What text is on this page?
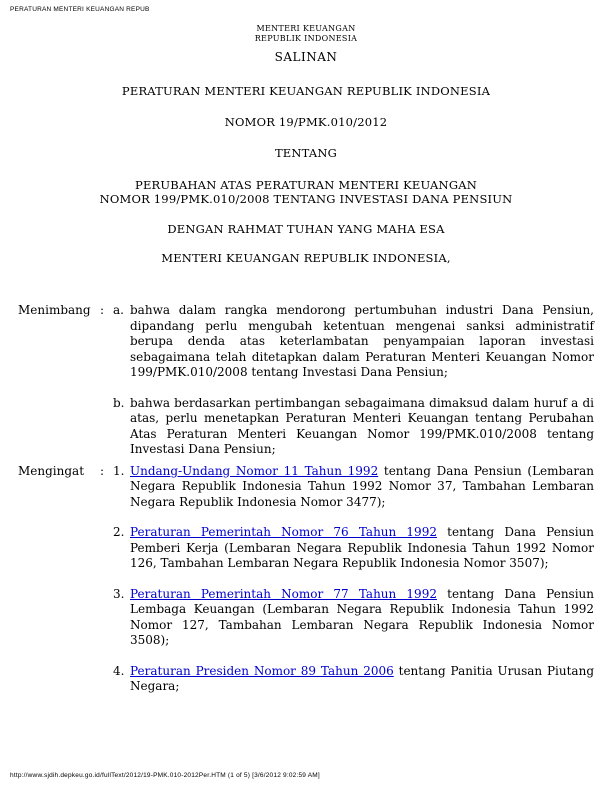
PERATURAN MENTERI KEUANGAN REPUB
MENTERI KEUANGAN
REPUBLIK INDONESIA
SALINAN
PERATURAN MENTERI KEUANGAN REPUBLIK INDONESIA
NOMOR 19/PMK.010/2012
TENTANG
PERUBAHAN ATAS PERATURAN MENTERI KEUANGAN
NOMOR 199/PMK.010/2008 TENTANG INVESTASI DANA PENSIUN
DENGAN RAHMAT TUHAN YANG MAHA ESA
MENTERI KEUANGAN REPUBLIK INDONESIA,
Menimbang : a. bahwa dalam rangka mendorong pertumbuhan industri Dana Pensiun, dipandang perlu mengubah ketentuan mengenai sanksi administratif berupa denda atas keterlambatan penyampaian laporan investasi sebagaimana telah ditetapkan dalam Peraturan Menteri Keuangan Nomor 199/PMK.010/2008 tentang Investasi Dana Pensiun;
b. bahwa berdasarkan pertimbangan sebagaimana dimaksud dalam huruf a di atas, perlu menetapkan Peraturan Menteri Keuangan tentang Perubahan Atas Peraturan Menteri Keuangan Nomor 199/PMK.010/2008 tentang Investasi Dana Pensiun;
Mengingat	: 1. Undang-Undang Nomor 11 Tahun 1992 tentang Dana Pensiun (Lembaran Negara Republik Indonesia Tahun 1992 Nomor 37, Tambahan Lembaran Negara Republik Indonesia Nomor 3477);
2. Peraturan Pemerintah Nomor 76 Tahun 1992 tentang Dana Pensiun Pemberi Kerja (Lembaran Negara Republik Indonesia Tahun 1992 Nomor 126, Tambahan Lembaran Negara Republik Indonesia Nomor 3507);
3. Peraturan Pemerintah Nomor 77 Tahun 1992 tentang Dana Pensiun Lembaga Keuangan (Lembaran Negara Republik Indonesia Tahun 1992 Nomor 127, Tambahan Lembaran Negara Republik Indonesia Nomor 3508);
4. Peraturan Presiden Nomor 89 Tahun 2006 tentang Panitia Urusan Piutang Negara;
http://www.sjdih.depkeu.go.id/fullText/2012/19-PMK.010-2012Per.HTM (1 of 5) [3/6/2012 9:02:59 AM]
